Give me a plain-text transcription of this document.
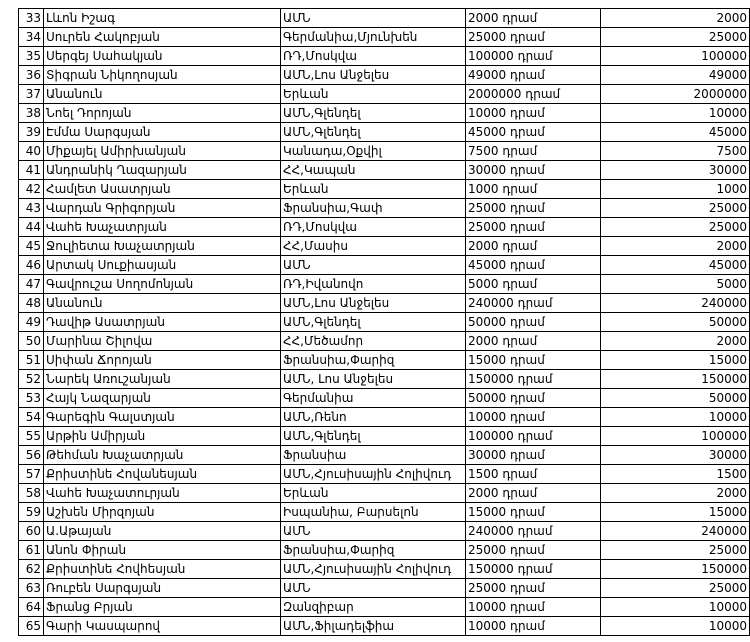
33	Լևոն Իշագ	ԱՄՆ	2000 դրամ	2000
34	Սուրեն Հակոբյան	Գերմանիա,Մյունխեն	25000 դրամ	25000
35	Սերգեյ Սահակյան	ՌԴ,Մոսկվա	100000 դրամ	100000
36	Տիգրան Նիկողոսյան	ԱՄՆ,Լոս Անջելես	49000 դրամ	49000
37	Անանուն	Երևան	2000000 դրամ	2000000
38	Նոել Դորոյան	ԱՄՆ,Գլենդել	10000 դրամ	10000
39	Էմմա Սարգսյան	ԱՄՆ,Գլենդել	45000 դրամ	45000
40	Միքայել Ամիրխանյան	Կանադա,Օքվիլ	7500 դրամ	7500
41	Անդրանիկ Ղազարյան	ՀՀ,Կապան	30000 դրամ	30000
42	Համլետ Ասատրյան	Երևան	1000 դրամ	1000
43	Վարդան Գրիգորյան	Ֆրանսիա,Գափ	25000 դրամ	25000
44	Վահե Խաչատրյան	ՌԴ,Մոսկվա	25000 դրամ	25000
45	Ջուլիետա Խաչատրյան	ՀՀ,Մասիս	2000 դրամ	2000
46	Արտակ Սուքիասյան	ԱՄՆ	45000 դրամ	45000
47	Գավրուշա Սողոմոնյան	ՌԴ,Իվանովո	5000 դրամ	5000
48	Անանուն	ԱՄՆ,Լոս Անջելես	240000 դրամ	240000
49	Դավիթ Ասատրյան	ԱՄՆ,Գլենդել	50000 դրամ	50000
50	Մարինա Շիլովա	ՀՀ,Մեծամոր	2000 դրամ	2000
51	Սիփան Ճորոյան	Ֆրանսիա,Փարիզ	15000 դրամ	15000
52	Նարեկ Առուշանյան	ԱՄՆ, Լոս Անջելես	150000 դրամ	150000
53	Հայկ Նազարյան	Գերմանիա	50000 դրամ	50000
54	Գարեգին Գալստյան	ԱՄՆ,Ռենո	10000 դրամ	10000
55	Արթին Ամիրյան	ԱՄՆ,Գլենդել	100000 դրամ	100000
56	Թեհման Խաչատրյան	Ֆրանսիա	30000 դրամ	30000
57	Քրիստինե Հովանեսյան	ԱՄՆ,Հյուսիսային Հոլիվուդ	1500 դրամ	1500
58	Վահե Խաչատուրյան	Երևան	2000 դրամ	2000
59	Աշխեն Միրզոյան	Իսպանիա, Բարսելոն	15000 դրամ	15000
60	Ա.Աթայան	ԱՄՆ	240000 դրամ	240000
61	Անոն Փիրան	Ֆրանսիա,Փարիզ	25000 դրամ	25000
62	Քրիստինե Հովհեսյան	ԱՄՆ,Հյուսիսային Հոլիվուդ	150000 դրամ	150000
63	Ռուբեն Սարգսյան	ԱՄՆ	25000 դրամ	25000
64	Ֆրանց Բրյան	Զանզիբար	10000 դրամ	10000
65	Գարի Կասպարով	ԱՄՆ,Ֆիլադելֆիա	10000 դրամ	10000
